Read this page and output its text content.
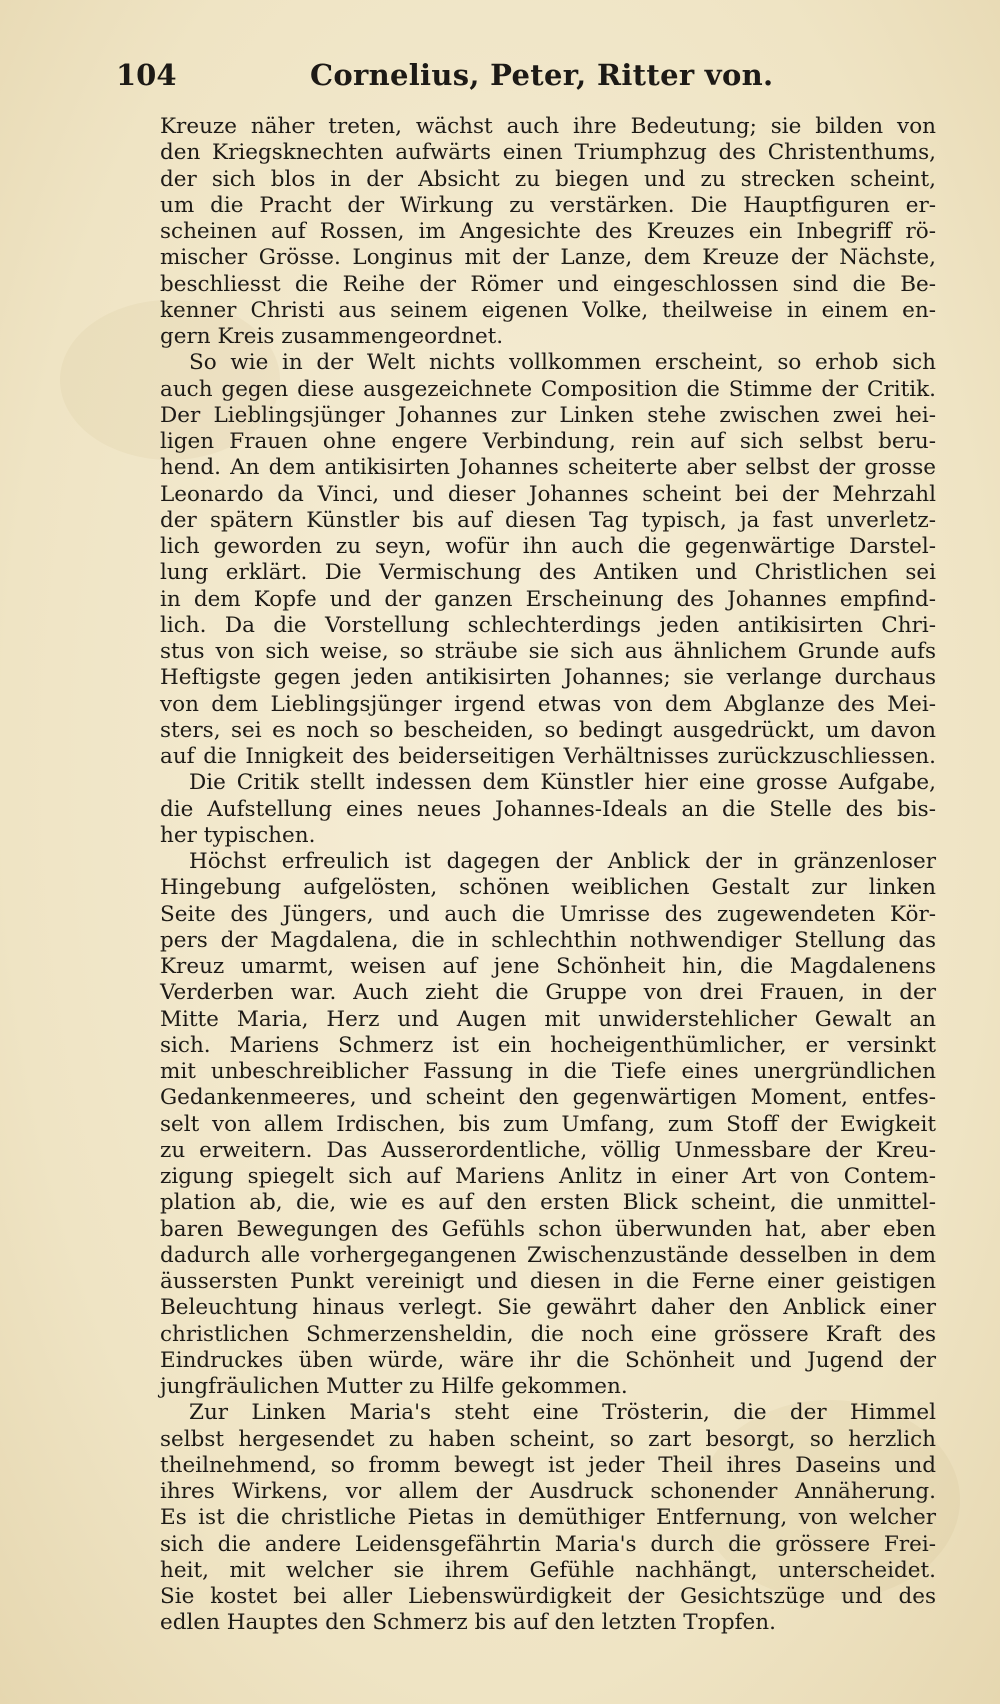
104	Cornelius, Peter, Ritter von.
Kreuze näher treten, wächst auch ihre Bedeutung; sie bilden von
den Kriegsknechten aufwärts einen Triumphzug des Christenthums,
der sich blos in der Absicht zu biegen und zu strecken scheint,
um die Pracht der Wirkung zu verstärken. Die Hauptfiguren er-
scheinen auf Rossen, im Angesichte des Kreuzes ein Inbegriff rö-
mischer Grösse. Longinus mit der Lanze, dem Kreuze der Nächste,
beschliesst die Reihe der Römer und eingeschlossen sind die Be-
kenner Christi aus seinem eigenen Volke, theilweise in einem en-
gern Kreis zusammengeordnet.
So wie in der Welt nichts vollkommen erscheint, so erhob sich
auch gegen diese ausgezeichnete Composition die Stimme der Critik.
Der Lieblingsjünger Johannes zur Linken stehe zwischen zwei hei-
ligen Frauen ohne engere Verbindung, rein auf sich selbst beru-
hend. An dem antikisirten Johannes scheiterte aber selbst der grosse
Leonardo da Vinci, und dieser Johannes scheint bei der Mehrzahl
der spätern Künstler bis auf diesen Tag typisch, ja fast unverletz-
lich geworden zu seyn, wofür ihn auch die gegenwärtige Darstel-
lung erklärt. Die Vermischung des Antiken und Christlichen sei
in dem Kopfe und der ganzen Erscheinung des Johannes empfind-
lich. Da die Vorstellung schlechterdings jeden antikisirten Chri-
stus von sich weise, so sträube sie sich aus ähnlichem Grunde aufs
Heftigste gegen jeden antikisirten Johannes; sie verlange durchaus
von dem Lieblingsjünger irgend etwas von dem Abglanze des Mei-
sters, sei es noch so bescheiden, so bedingt ausgedrückt, um davon
auf die Innigkeit des beiderseitigen Verhältnisses zurückzuschliessen.
Die Critik stellt indessen dem Künstler hier eine grosse Aufgabe,
die Aufstellung eines neues Johannes-Ideals an die Stelle des bis-
her typischen.
Höchst erfreulich ist dagegen der Anblick der in gränzenloser
Hingebung aufgelösten, schönen weiblichen Gestalt zur linken
Seite des Jüngers, und auch die Umrisse des zugewendeten Kör-
pers der Magdalena, die in schlechthin nothwendiger Stellung das
Kreuz umarmt, weisen auf jene Schönheit hin, die Magdalenens
Verderben war. Auch zieht die Gruppe von drei Frauen, in der
Mitte Maria, Herz und Augen mit unwiderstehlicher Gewalt an
sich. Mariens Schmerz ist ein hocheigenthümlicher, er versinkt
mit unbeschreiblicher Fassung in die Tiefe eines unergründlichen
Gedankenmeeres, und scheint den gegenwärtigen Moment, entfes-
selt von allem Irdischen, bis zum Umfang, zum Stoff der Ewigkeit
zu erweitern. Das Ausserordentliche, völlig Unmessbare der Kreu-
zigung spiegelt sich auf Mariens Anlitz in einer Art von Contem-
plation ab, die, wie es auf den ersten Blick scheint, die unmittel-
baren Bewegungen des Gefühls schon überwunden hat, aber eben
dadurch alle vorhergegangenen Zwischenzustände desselben in dem
äussersten Punkt vereinigt und diesen in die Ferne einer geistigen
Beleuchtung hinaus verlegt. Sie gewährt daher den Anblick einer
christlichen Schmerzensheldin, die noch eine grössere Kraft des
Eindruckes üben würde, wäre ihr die Schönheit und Jugend der
jungfräulichen Mutter zu Hilfe gekommen.
Zur Linken Maria's steht eine Trösterin, die der Himmel
selbst hergesendet zu haben scheint, so zart besorgt, so herzlich
theilnehmend, so fromm bewegt ist jeder Theil ihres Daseins und
ihres Wirkens, vor allem der Ausdruck schonender Annäherung.
Es ist die christliche Pietas in demüthiger Entfernung, von welcher
sich die andere Leidensgefährtin Maria's durch die grössere Frei-
heit, mit welcher sie ihrem Gefühle nachhängt, unterscheidet.
Sie kostet bei aller Liebenswürdigkeit der Gesichtszüge und des
edlen Hauptes den Schmerz bis auf den letzten Tropfen.
